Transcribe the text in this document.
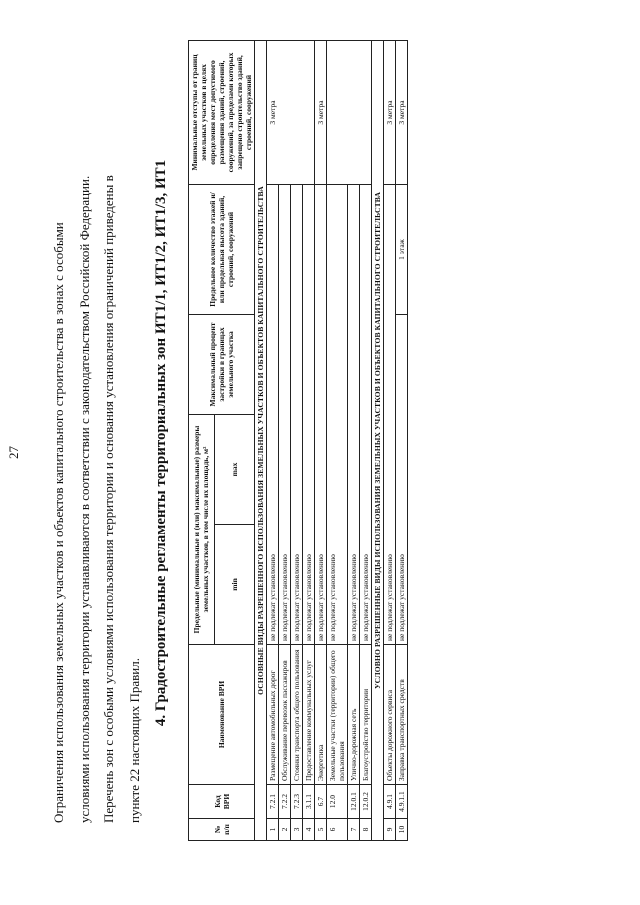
27	Ограничения использования земельных участков и объектов капитального строительства в зонах с особыми условиями использования территории устанавливаются в соответствии с законодательством Российской Федерации. Перечень зон с особыми условиями использования территории и основания установления ограничений приведены в пункте 22 настоящих Правил.
4. Градостроительные регламенты территориальных зон ИТ1/1, ИТ1/2, ИТ1/3, ИТ1
№ п/п	Код ВРИ	Наименование ВРИ	Предельные (минимальные и (или) максимальные) размеры земельных участков, в том числе их площадь, м²		Максимальный процент застройки в границах земельного участка	Предельное количество этажей и/или предельная высота зданий, строений, сооружений	Минимальные отступы от границ земельных участков в целях определения мест допустимого размещения зданий, строений, сооружений, за пределами которых запрещено строительство зданий, строений, сооружений
			min	max			
ОСНОВНЫЕ ВИДЫ РАЗРЕШЕННОГО ИСПОЛЬЗОВАНИЯ ЗЕМЕЛЬНЫХ УЧАСТКОВ И ОБЪЕКТОВ КАПИТАЛЬНОГО СТРОИТЕЛЬСТВА							
1	7.2.1	Размещение автомобильных дорог	не подлежат установлению				3 метра
2	7.2.2	Обслуживание перевозок пассажиров	не подлежат установлению				
3	7.2.3	Стоянки транспорта общего пользования	не подлежат установлению				
4	3.1.1	Предоставление коммунальных услуг	не подлежат установлению				
5	6.7	Энергетика	не подлежат установлению				3 метра
6	12.0	Земельные участки (территории) общего пользования	не подлежат установлению				
7	12.0.1	Улично-дорожная сеть	не подлежат установлению				
8	12.0.2	Благоустройство территории	не подлежат установлению				
УСЛОВНО РАЗРЕШЕННЫЕ ВИДЫ ИСПОЛЬЗОВАНИЯ ЗЕМЕЛЬНЫХ УЧАСТКОВ И ОБЪЕКТОВ КАПИТАЛЬНОГО СТРОИТЕЛЬСТВА							
9	4.9.1	Объекты дорожного сервиса	не подлежат установлению				3 метра
10	4.9.1.1	Заправка транспортных средств	не подлежат установлению			1 этаж	3 метра
